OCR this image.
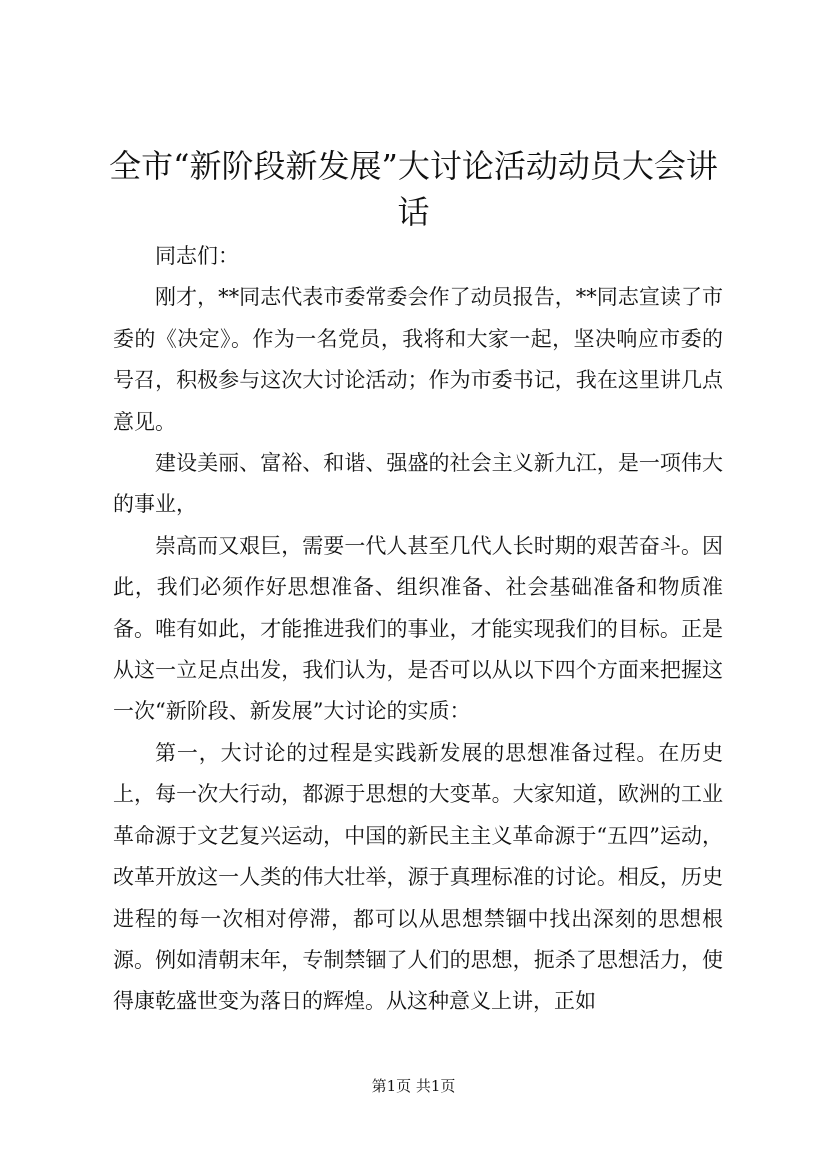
全市“新阶段新发展”大讨论活动动员大会讲话

同志们：

刚才，**同志代表市委常委会作了动员报告，**同志宣读了市委的《决定》。作为一名党员，我将和大家一起，坚决响应市委的号召，积极参与这次大讨论活动；作为市委书记，我在这里讲几点意见。

建设美丽、富裕、和谐、强盛的社会主义新九江，是一项伟大的事业，

崇高而又艰巨，需要一代人甚至几代人长时期的艰苦奋斗。因此，我们必须作好思想准备、组织准备、社会基础准备和物质准备。唯有如此，才能推进我们的事业，才能实现我们的目标。正是从这一立足点出发，我们认为，是否可以从以下四个方面来把握这一次“新阶段、新发展”大讨论的实质：

第一，大讨论的过程是实践新发展的思想准备过程。在历史上，每一次大行动，都源于思想的大变革。大家知道，欧洲的工业革命源于文艺复兴运动，中国的新民主主义革命源于“五四”运动，改革开放这一人类的伟大壮举，源于真理标准的讨论。相反，历史进程的每一次相对停滞，都可以从思想禁锢中找出深刻的思想根源。例如清朝末年，专制禁锢了人们的思想，扼杀了思想活力，使得康乾盛世变为落日的辉煌。从这种意义上讲，正如

第1页 共1页
